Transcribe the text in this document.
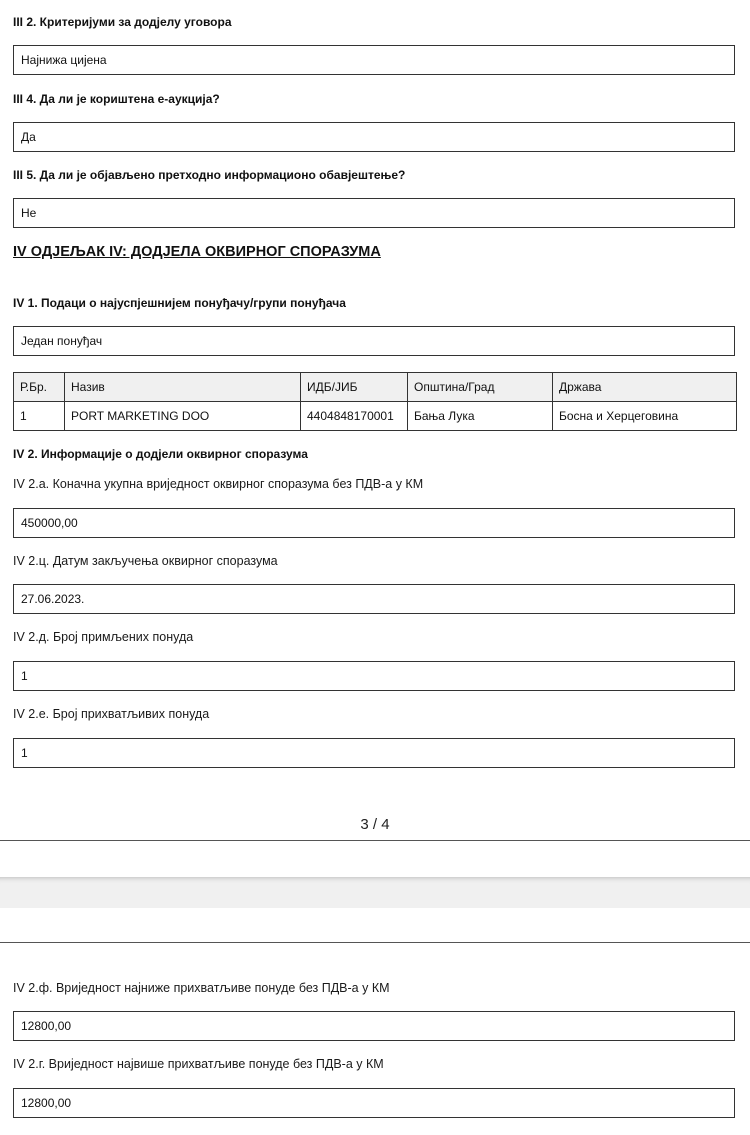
III 2. Критеријуми за додјелу уговора
Најнижа цијена
III 4. Да ли је кориштена е-аукција?
Да
III 5. Да ли је објављено претходно информационо обавјештење?
Не
IV ОДЈЕЉАК IV: ДОДЈЕЛА ОКВИРНОГ СПОРАЗУМА
IV 1. Подаци о најуспјешнијем понуђачу/групи понуђача
Један понуђач
Р.Бр.	Назив	ИДБ/ЈИБ	Општина/Град	Држава
1	PORT MARKETING DOO	4404848170001	Бања Лука	Босна и Херцеговина
IV 2. Информације о додјели оквирног споразума
IV 2.а. Коначна укупна вриједност оквирног споразума без ПДВ-а у КМ
450000,00
IV 2.ц. Датум закључења оквирног споразума
27.06.2023.
IV 2.д. Број примљених понуда
1
IV 2.е. Број прихватљивих понуда
1
3 / 4
IV 2.ф. Вриједност најниже прихватљиве понуде без ПДВ-а у КМ
12800,00
IV 2.г. Вриједност највише прихватљиве понуде без ПДВ-а у КМ
12800,00
